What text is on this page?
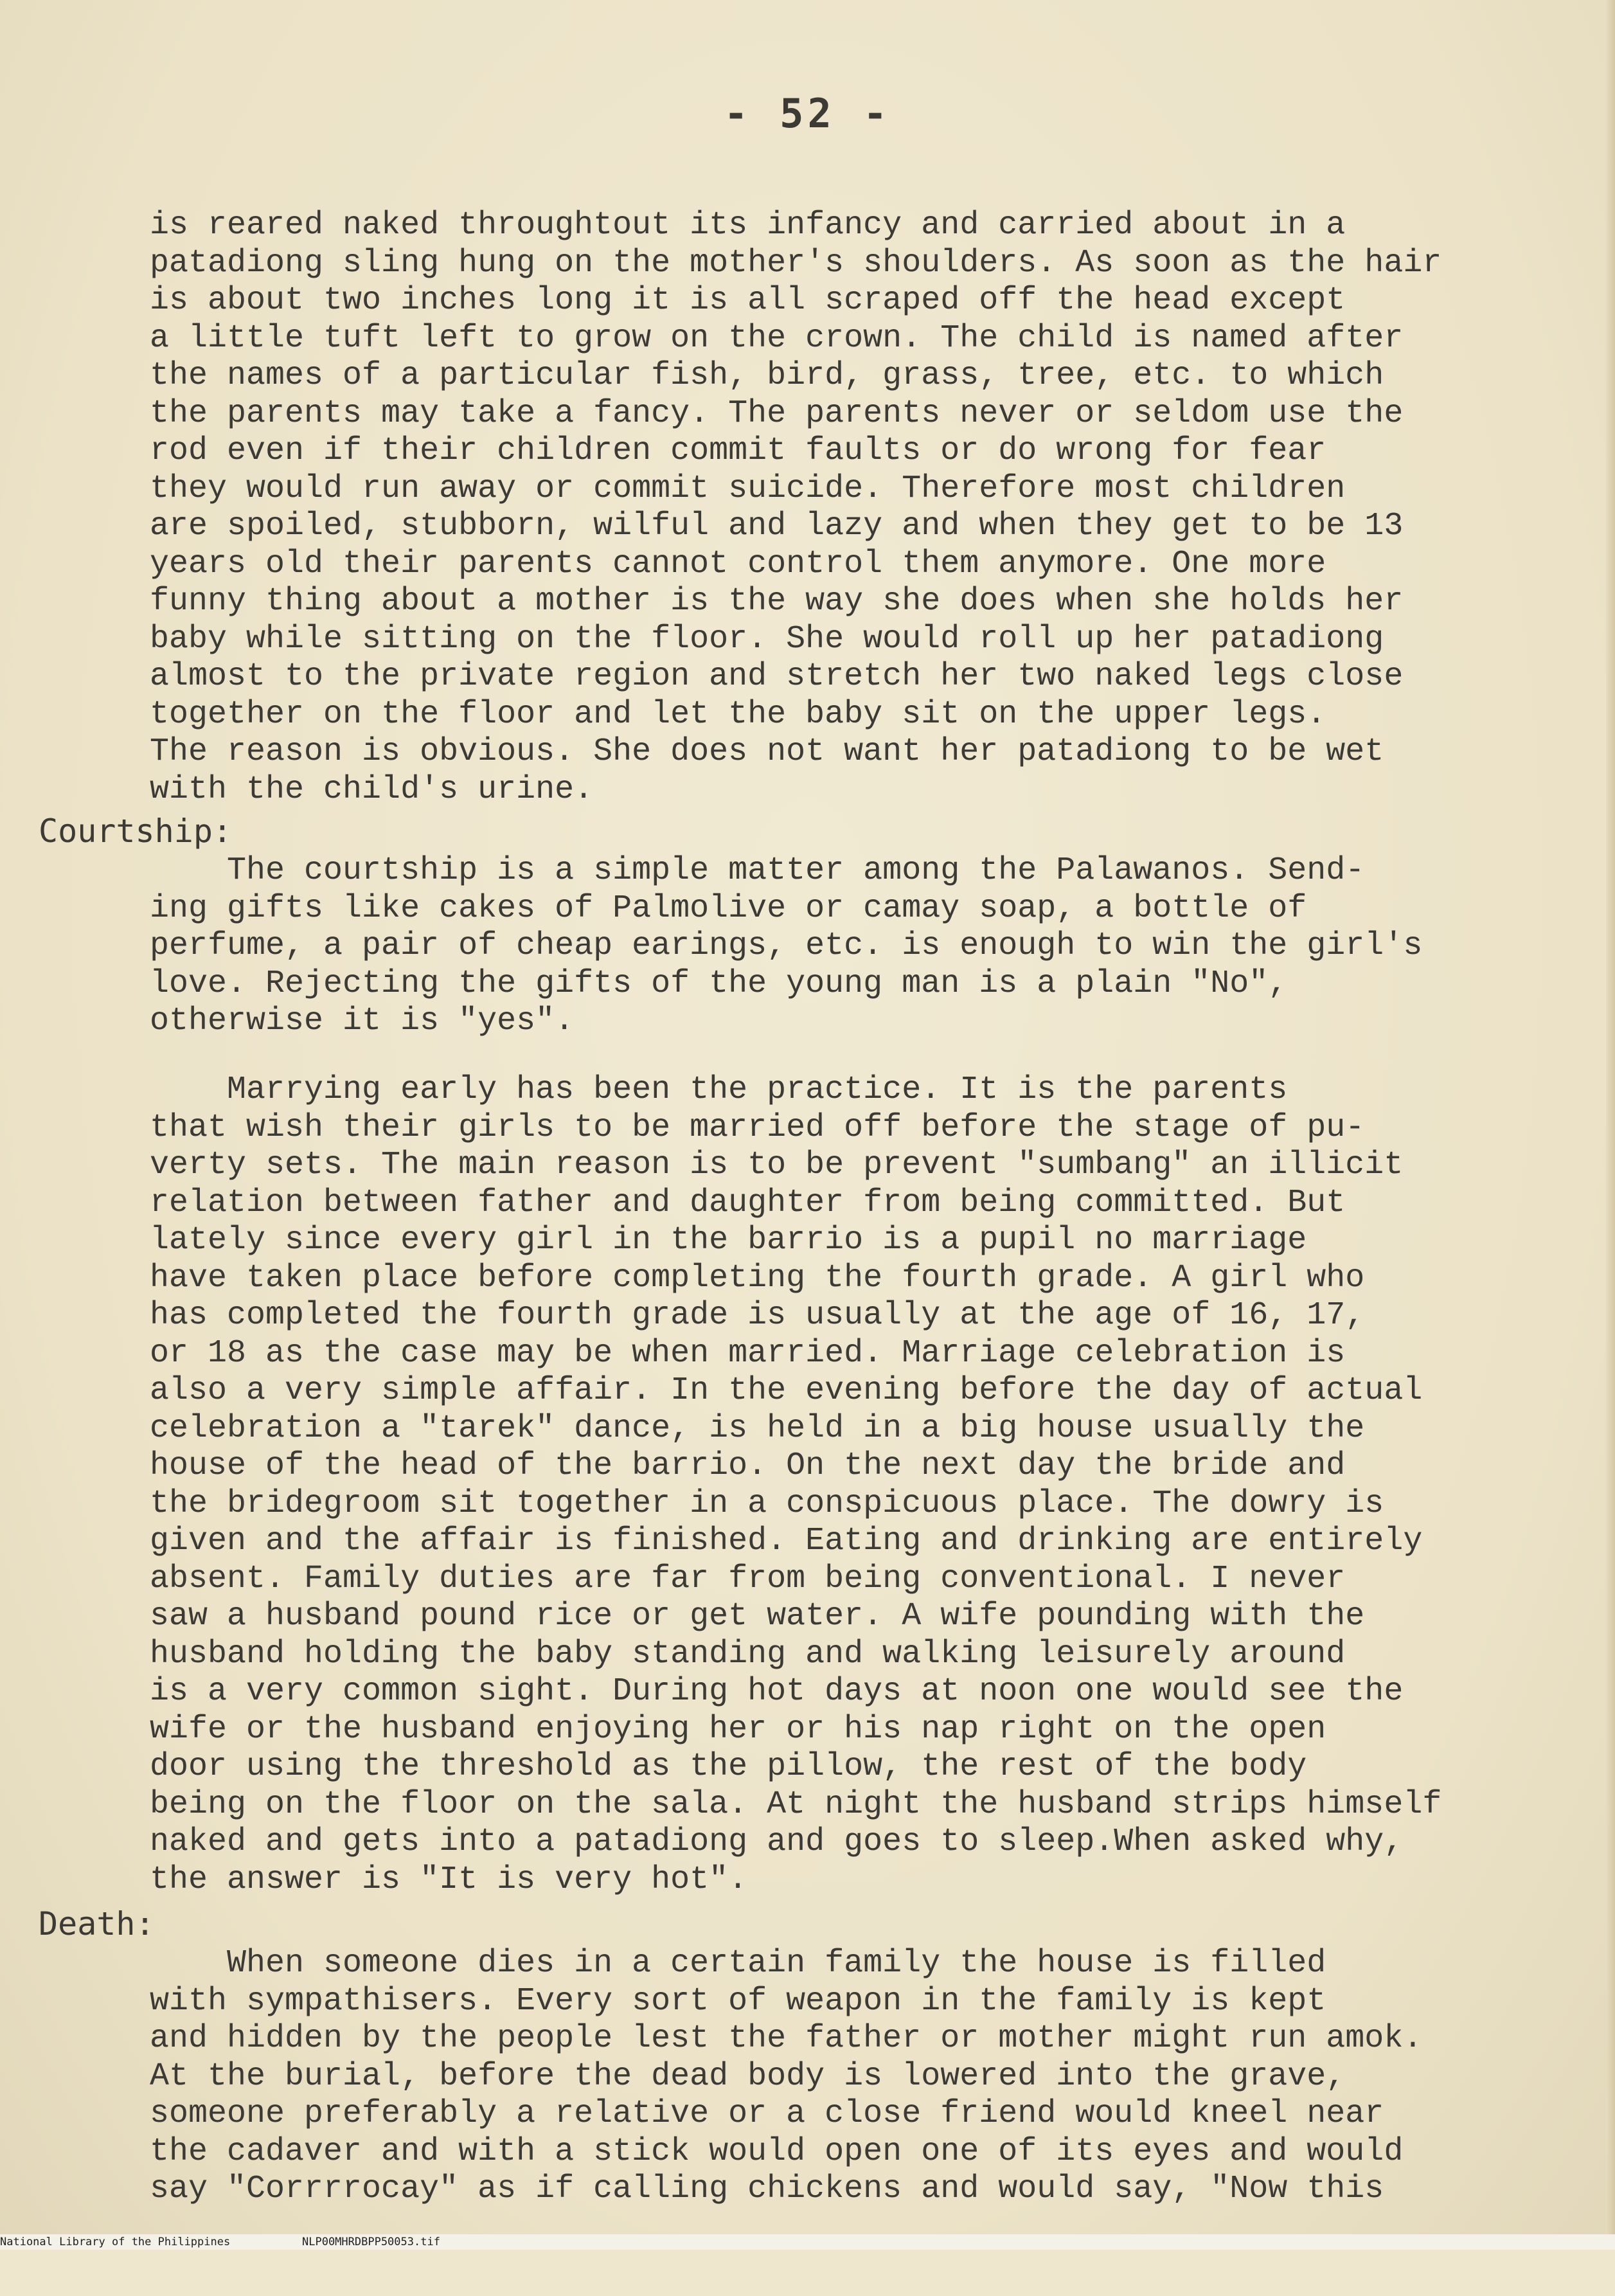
- 52 -
is reared naked throughtout its infancy and carried about in a
patadiong sling hung on the mother's shoulders. As soon as the hair
is about two inches long it is all scraped off the head except
a little tuft left to grow on the crown. The child is named after
the names of a particular fish, bird, grass, tree, etc. to which
the parents may take a fancy. The parents never or seldom use the
rod even if their children commit faults or do wrong for fear
they would run away or commit suicide. Therefore most children
are spoiled, stubborn, wilful and lazy and when they get to be 13
years old their parents cannot control them anymore. One more
funny thing about a mother is the way she does when she holds her
baby while sitting on the floor. She would roll up her patadiong
almost to the private region and stretch her two naked legs close
together on the floor and let the baby sit on the upper legs.
The reason is obvious. She does not want her patadiong to be wet
with the child's urine.
Courtship:
The courtship is a simple matter among the Palawanos. Send-
ing gifts like cakes of Palmolive or camay soap, a bottle of
perfume, a pair of cheap earings, etc. is enough to win the girl's
love. Rejecting the gifts of the young man is a plain "No",
otherwise it is "yes".
Marrying early has been the practice. It is the parents
that wish their girls to be married off before the stage of pu-
verty sets. The main reason is to be prevent "sumbang" an illicit
relation between father and daughter from being committed. But
lately since every girl in the barrio is a pupil no marriage
have taken place before completing the fourth grade. A girl who
has completed the fourth grade is usually at the age of 16, 17,
or 18 as the case may be when married. Marriage celebration is
also a very simple affair. In the evening before the day of actual
celebration a "tarek" dance, is held in a big house usually the
house of the head of the barrio. On the next day the bride and
the bridegroom sit together in a conspicuous place. The dowry is
given and the affair is finished. Eating and drinking are entirely
absent. Family duties are far from being conventional. I never
saw a husband pound rice or get water. A wife pounding with the
husband holding the baby standing and walking leisurely around
is a very common sight. During hot days at noon one would see the
wife or the husband enjoying her or his nap right on the open
door using the threshold as the pillow, the rest of the body
being on the floor on the sala. At night the husband strips himself
naked and gets into a patadiong and goes to sleep.When asked why,
the answer is "It is very hot".
Death:
When someone dies in a certain family the house is filled
with sympathisers. Every sort of weapon in the family is kept
and hidden by the people lest the father or mother might run amok.
At the burial, before the dead body is lowered into the grave,
someone preferably a relative or a close friend would kneel near
the cadaver and with a stick would open one of its eyes and would
say "Corrrrocay" as if calling chickens and would say, "Now this

National Library of the Philippines

	NLP00MHRDBPP50053.tif
